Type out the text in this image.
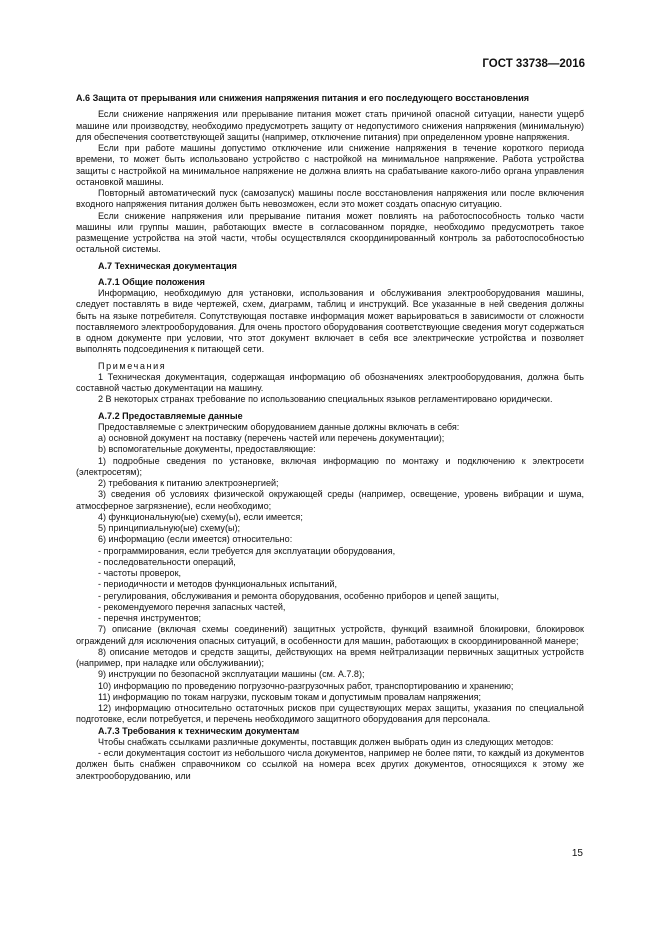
ГОСТ 33738—2016

A.6 Защита от прерывания или снижения напряжения питания и его последующего восстановления

Если снижение напряжения или прерывание питания может стать причиной опасной ситуации, нанести ущерб машине или производству, необходимо предусмотреть защиту от недопустимого снижения напряжения (минимальную) для обеспечения соответствующей защиты (например, отключение питания) при определенном уровне напряжения.

Если при работе машины допустимо отключение или снижение напряжения в течение короткого периода времени, то может быть использовано устройство с настройкой на минимальное напряжение. Работа устройства защиты с настройкой на минимальное напряжение не должна влиять на срабатывание какого-либо органа управления остановкой машины.

Повторный автоматический пуск (самозапуск) машины после восстановления напряжения или после включения входного напряжения питания должен быть невозможен, если это может создать опасную ситуацию.

Если снижение напряжения или прерывание питания может повлиять на работоспособность только части машины или группы машин, работающих вместе в согласованном порядке, необходимо предусмотреть такое размещение устройства на этой части, чтобы осуществлялся скоординированный контроль за работоспособностью остальной системы.

A.7 Техническая документация

A.7.1 Общие положения

Информацию, необходимую для установки, использования и обслуживания электрооборудования машины, следует поставлять в виде чертежей, схем, диаграмм, таблиц и инструкций. Все указанные в ней сведения должны быть на языке потребителя. Сопутствующая поставке информация может варьироваться в зависимости от сложности поставляемого электрооборудования. Для очень простого оборудования соответствующие сведения могут содержаться в одном документе при условии, что этот документ включает в себя все электрические устройства и позволяет выполнять подсоединения к питающей сети.

Примечания

1 Техническая документация, содержащая информацию об обозначениях электрооборудования, должна быть составной частью документации на машину.

2 В некоторых странах требование по использованию специальных языков регламентировано юридически.

A.7.2 Предоставляемые данные

Предоставляемые с электрическим оборудованием данные должны включать в себя:

a) основной документ на поставку (перечень частей или перечень документации);

b) вспомогательные документы, предоставляющие:

1) подробные сведения по установке, включая информацию по монтажу и подключению к электросети (электросетям);

2) требования к питанию электроэнергией;

3) сведения об условиях физической окружающей среды (например, освещение, уровень вибрации и шума, атмосферное загрязнение), если необходимо;

4) функциональную(ые) схему(ы), если имеется;

5) принципиальную(ые) схему(ы);

6) информацию (если имеется) относительно:

- программирования, если требуется для эксплуатации оборудования,

- последовательности операций,

- частоты проверок,

- периодичности и методов функциональных испытаний,

- регулирования, обслуживания и ремонта оборудования, особенно приборов и цепей защиты,

- рекомендуемого перечня запасных частей,

- перечня инструментов;

7) описание (включая схемы соединений) защитных устройств, функций взаимной блокировки, блокировок ограждений для исключения опасных ситуаций, в особенности для машин, работающих в скоординированной манере;

8) описание методов и средств защиты, действующих на время нейтрализации первичных защитных устройств (например, при наладке или обслуживании);

9) инструкции по безопасной эксплуатации машины (см. A.7.8);

10) информацию по проведению погрузочно-разгрузочных работ, транспортированию и хранению;

11) информацию по токам нагрузки, пусковым токам и допустимым провалам напряжения;

12) информацию относительно остаточных рисков при существующих мерах защиты, указания по специальной подготовке, если потребуется, и перечень необходимого защитного оборудования для персонала.

A.7.3 Требования к техническим документам

Чтобы снабжать ссылками различные документы, поставщик должен выбрать один из следующих методов:

- если документация состоит из небольшого числа документов, например не более пяти, то каждый из документов должен быть снабжен справочником со ссылкой на номера всех других документов, относящихся к этому же электрооборудованию, или

15
